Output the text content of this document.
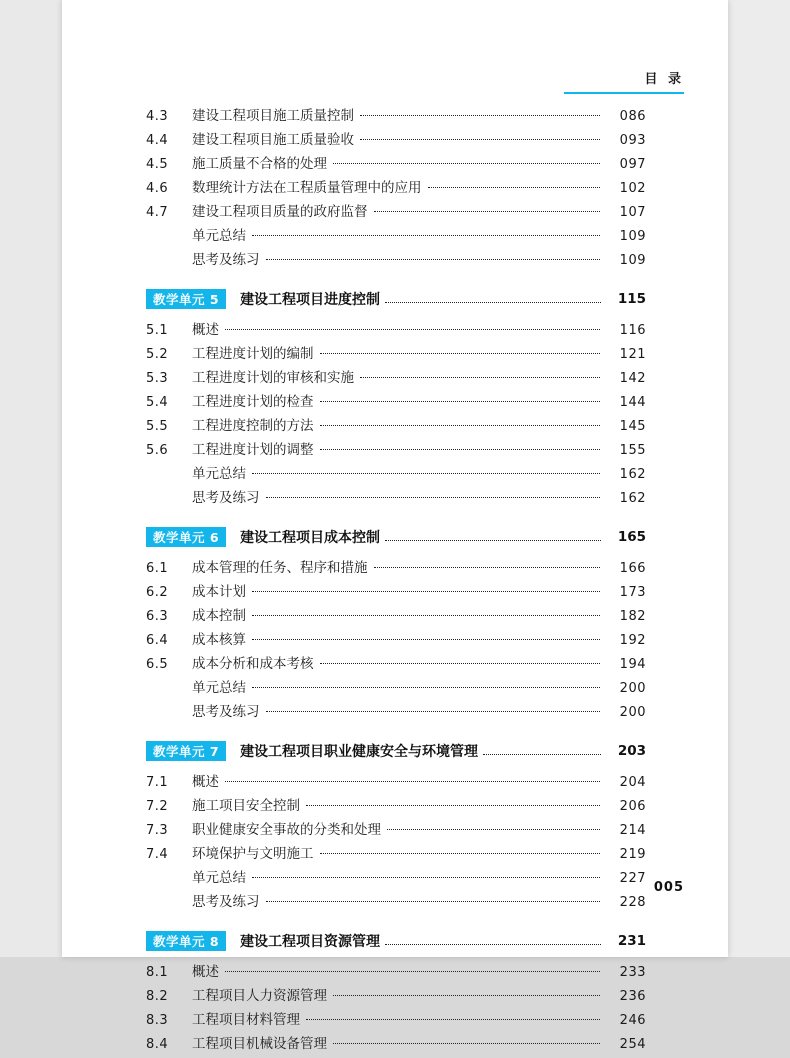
目 录
4.3	建设工程项目施工质量控制	086
4.4	建设工程项目施工质量验收	093
4.5	施工质量不合格的处理	097
4.6	数理统计方法在工程质量管理中的应用	102
4.7	建设工程项目质量的政府监督	107
单元总结	109
思考及练习	109
教学单元 5	建设工程项目进度控制	115
5.1	概述	116
5.2	工程进度计划的编制	121
5.3	工程进度计划的审核和实施	142
5.4	工程进度计划的检查	144
5.5	工程进度控制的方法	145
5.6	工程进度计划的调整	155
单元总结	162
思考及练习	162
教学单元 6	建设工程项目成本控制	165
6.1	成本管理的任务、程序和措施	166
6.2	成本计划	173
6.3	成本控制	182
6.4	成本核算	192
6.5	成本分析和成本考核	194
单元总结	200
思考及练习	200
教学单元 7	建设工程项目职业健康安全与环境管理	203
7.1	概述	204
7.2	施工项目安全控制	206
7.3	职业健康安全事故的分类和处理	214
7.4	环境保护与文明施工	219
单元总结	227
思考及练习	228
教学单元 8	建设工程项目资源管理	231
8.1	概述	233
8.2	工程项目人力资源管理	236
8.3	工程项目材料管理	246
8.4	工程项目机械设备管理	254
005
